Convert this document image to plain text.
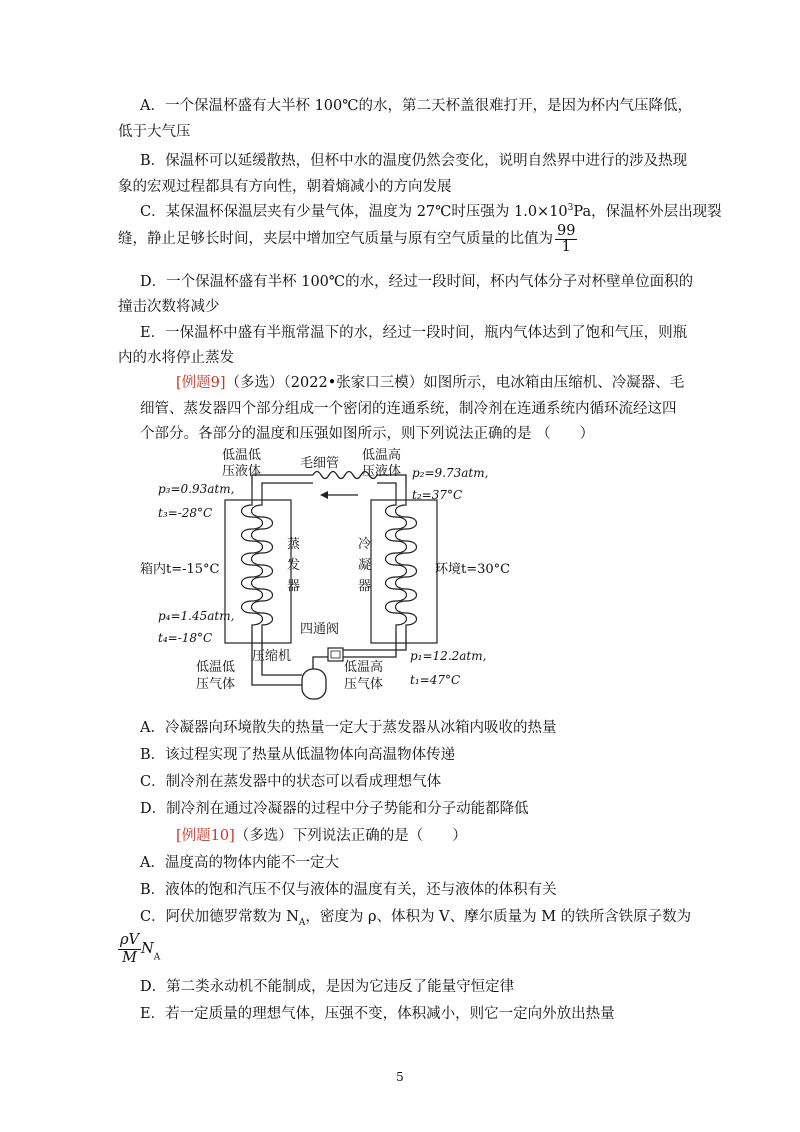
A．一个保温杯盛有大半杯 100℃的水，第二天杯盖很难打开，是因为杯内气压降低，
低于大气压
B．保温杯可以延缓散热，但杯中水的温度仍然会变化，说明自然界中进行的涉及热现
象的宏观过程都具有方向性，朝着熵减小的方向发展
C．某保温杯保温层夹有少量气体，温度为 27℃时压强为 $1.0\times 10^3Pa$，保温杯外层出现裂
缝，静止足够长时间，夹层中增加空气质量与原有空气质量的比值为 $\frac{99}{1}$
D．一个保温杯盛有半杯 100℃的水，经过一段时间，杯内气体分子对杯壁单位面积的
撞击次数将减少
E．一保温杯中盛有半瓶常温下的水，经过一段时间，瓶内气体达到了饱和气压，则瓶
内的水将停止蒸发
[例题9]（多选）（2022•张家口三模）如图所示，电冰箱由压缩机、冷凝器、毛
细管、蒸发器四个部分组成一个密闭的连通系统，制冷剂在连通系统内循环流经这四
个部分。各部分的温度和压强如图所示，则下列说法正确的是 （　　）
低温低
压液体
毛细管
低温高
压液体
p₃=0.93atm,
t₃=-28°C
p₂=9.73atm,
t₂=37°C
p₄=1.45atm,
t₄=-18°C
p₁=12.2atm,
t₁=47°C
蒸
发
器
冷
凝
器
箱内t=-15°C	环境t=30°C
四通阀
压缩机
低温低
压气体
低温高
压气体
A．冷凝器向环境散失的热量一定大于蒸发器从冰箱内吸收的热量
B．该过程实现了热量从低温物体向高温物体传递
C．制冷剂在蒸发器中的状态可以看成理想气体
D．制冷剂在通过冷凝器的过程中分子势能和分子动能都降低
[例题10]（多选）下列说法正确的是（　　）
A．温度高的物体内能不一定大
B．液体的饱和汽压不仅与液体的温度有关，还与液体的体积有关
C．阿伏加德罗常数为 $N_A$，密度为 ρ、体积为 V、摩尔质量为 M 的铁所含铁原子数为
$\frac{\rho V}{M} N_A$
D．第二类永动机不能制成，是因为它违反了能量守恒定律
E．若一定质量的理想气体，压强不变，体积减小，则它一定向外放出热量
5
